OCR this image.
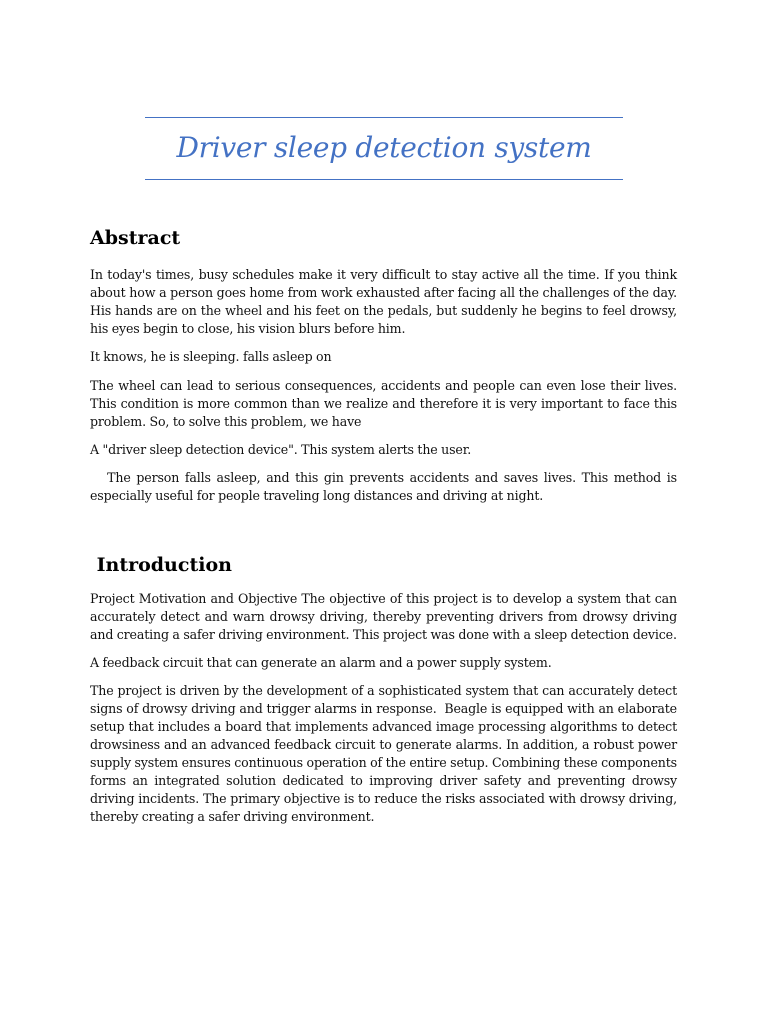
Driver sleep detection system
Abstract

In today's times, busy schedules make it very difficult to stay active all the time. If you think about how a person goes home from work exhausted after facing all the challenges of the day. His hands are on the wheel and his feet on the pedals, but suddenly he begins to feel drowsy, his eyes begin to close, his vision blurs before him.

It knows, he is sleeping. falls asleep on

The wheel can lead to serious consequences, accidents and people can even lose their lives. This condition is more common than we realize and therefore it is very important to face this problem. So, to solve this problem, we have

A "driver sleep detection device". This system alerts the user.

The person falls asleep, and this gin prevents accidents and saves lives. This method is especially useful for people traveling long distances and driving at night.

Introduction

Project Motivation and Objective The objective of this project is to develop a system that can accurately detect and warn drowsy driving, thereby preventing drivers from drowsy driving and creating a safer driving environment. This project was done with a sleep detection device.

A feedback circuit that can generate an alarm and a power supply system.

The project is driven by the development of a sophisticated system that can accurately detect signs of drowsy driving and trigger alarms in response.  Beagle is equipped with an elaborate setup that includes a board that implements advanced image processing algorithms to detect drowsiness and an advanced feedback circuit to generate alarms. In addition, a robust power supply system ensures continuous operation of the entire setup. Combining these components forms an integrated solution dedicated to improving driver safety and preventing drowsy driving incidents. The primary objective is to reduce the risks associated with drowsy driving, thereby creating a safer driving environment.
